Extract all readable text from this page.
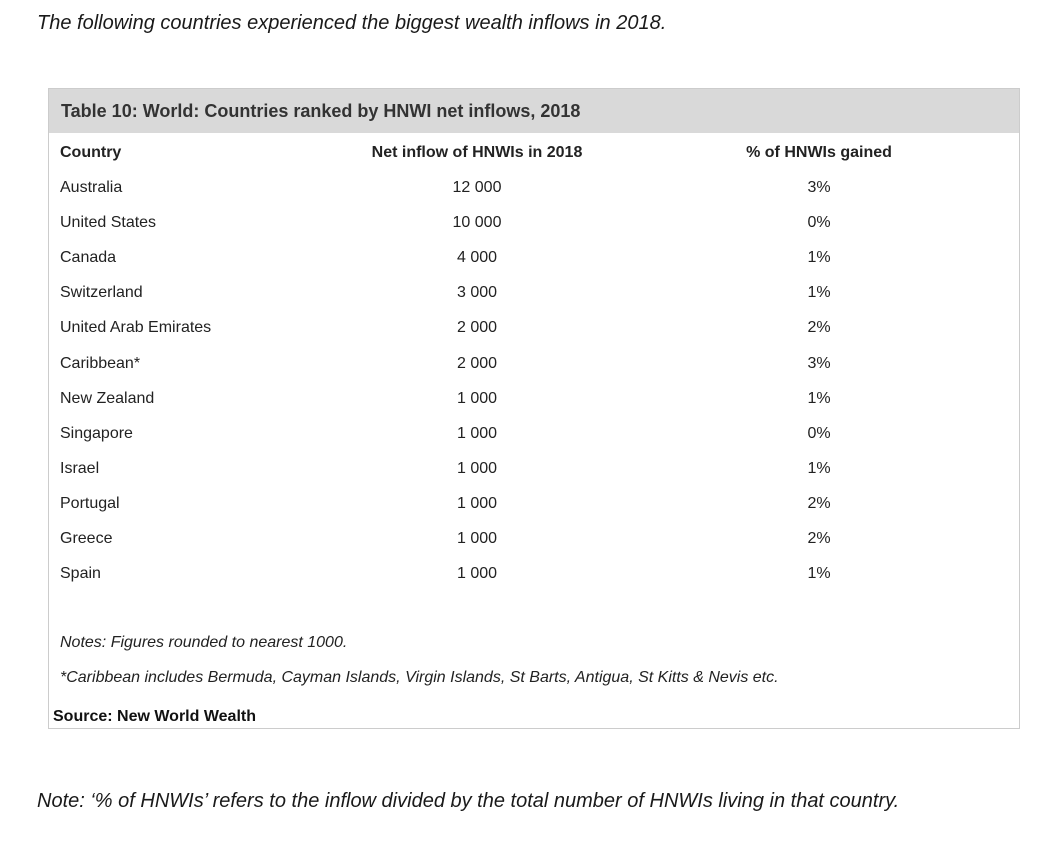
The following countries experienced the biggest wealth inflows in 2018.
Table 10: World: Countries ranked by HNWI net inflows, 2018
Country	Net inflow of HNWIs in 2018	% of HNWIs gained
Australia	12 000	3%
United States	10 000	0%
Canada	4 000	1%
Switzerland	3 000	1%
United Arab Emirates	2 000	2%
Caribbean*	2 000	3%
New Zealand	1 000	1%
Singapore	1 000	0%
Israel	1 000	1%
Portugal	1 000	2%
Greece	1 000	2%
Spain	1 000	1%
Notes: Figures rounded to nearest 1000.
*Caribbean includes Bermuda, Cayman Islands, Virgin Islands, St Barts, Antigua, St Kitts & Nevis etc.
Source: New World Wealth
Note: ‘% of HNWIs’ refers to the inflow divided by the total number of HNWIs living in that country.
